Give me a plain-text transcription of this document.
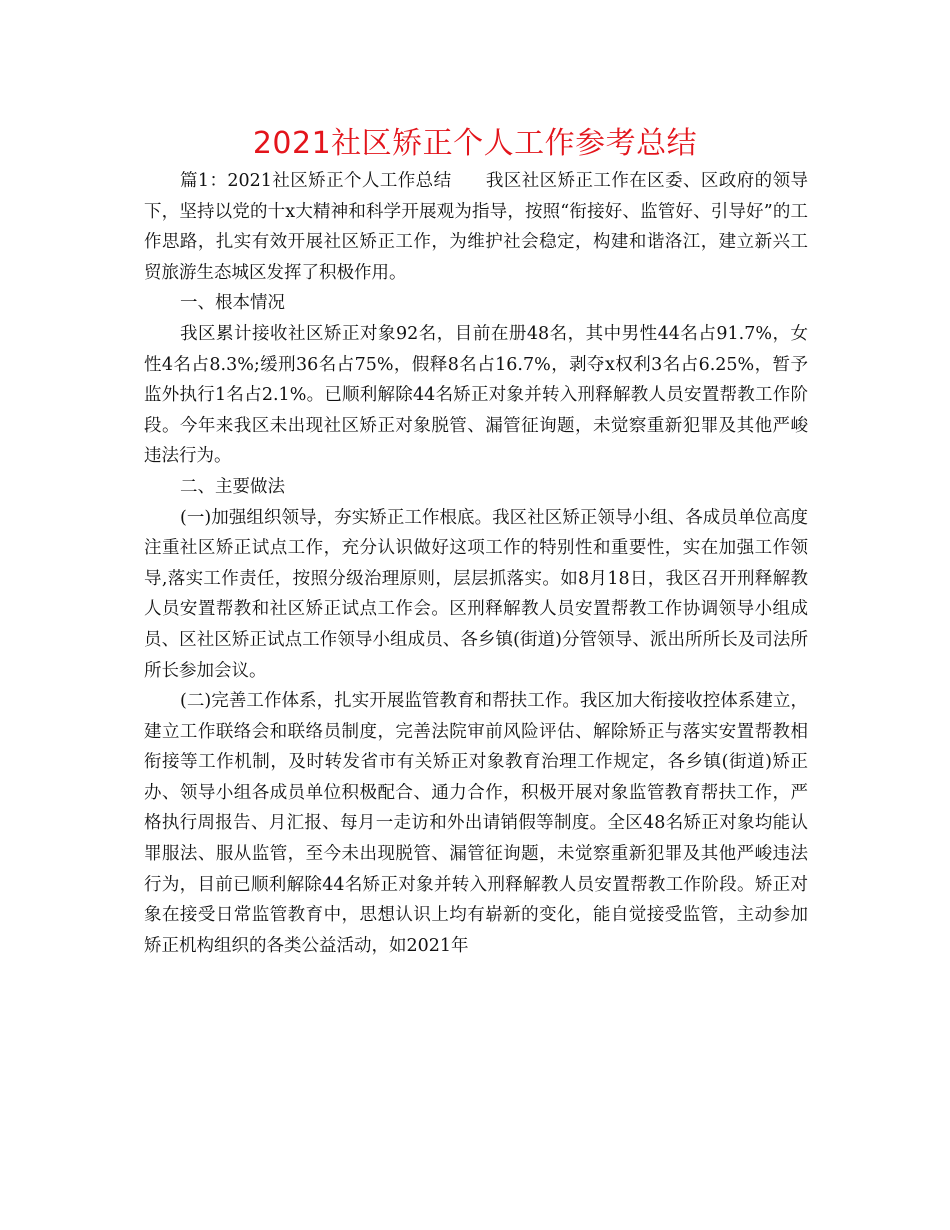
2021社区矫正个人工作参考总结

篇1：2021社区矫正个人工作总结 我区社区矫正工作在区委、区政府的领导下，坚持以党的十x大精神和科学开展观为指导，按照“衔接好、监管好、引导好”的工作思路，扎实有效开展社区矫正工作，为维护社会稳定，构建和谐洛江，建立新兴工贸旅游生态城区发挥了积极作用。

一、根本情况

我区累计接收社区矫正对象92名，目前在册48名，其中男性44名占91.7%，女性4名占8.3%;缓刑36名占75%，假释8名占16.7%，剥夺x权利3名占6.25%，暂予监外执行1名占2.1%。已顺利解除44名矫正对象并转入刑释解教人员安置帮教工作阶段。今年来我区未出现社区矫正对象脱管、漏管征询题，未觉察重新犯罪及其他严峻违法行为。

二、主要做法

(一)加强组织领导，夯实矫正工作根底。我区社区矫正领导小组、各成员单位高度注重社区矫正试点工作，充分认识做好这项工作的特别性和重要性，实在加强工作领导,落实工作责任，按照分级治理原则，层层抓落实。如8月18日，我区召开刑释解教人员安置帮教和社区矫正试点工作会。区刑释解教人员安置帮教工作协调领导小组成员、区社区矫正试点工作领导小组成员、各乡镇(街道)分管领导、派出所所长及司法所所长参加会议。

(二)完善工作体系，扎实开展监管教育和帮扶工作。我区加大衔接收控体系建立，建立工作联络会和联络员制度，完善法院审前风险评估、解除矫正与落实安置帮教相衔接等工作机制，及时转发省市有关矫正对象教育治理工作规定，各乡镇(街道)矫正办、领导小组各成员单位积极配合、通力合作，积极开展对象监管教育帮扶工作，严格执行周报告、月汇报、每月一走访和外出请销假等制度。全区48名矫正对象均能认罪服法、服从监管，至今未出现脱管、漏管征询题，未觉察重新犯罪及其他严峻违法行为，目前已顺利解除44名矫正对象并转入刑释解教人员安置帮教工作阶段。矫正对象在接受日常监管教育中，思想认识上均有崭新的变化，能自觉接受监管，主动参加矫正机构组织的各类公益活动，如2021年
